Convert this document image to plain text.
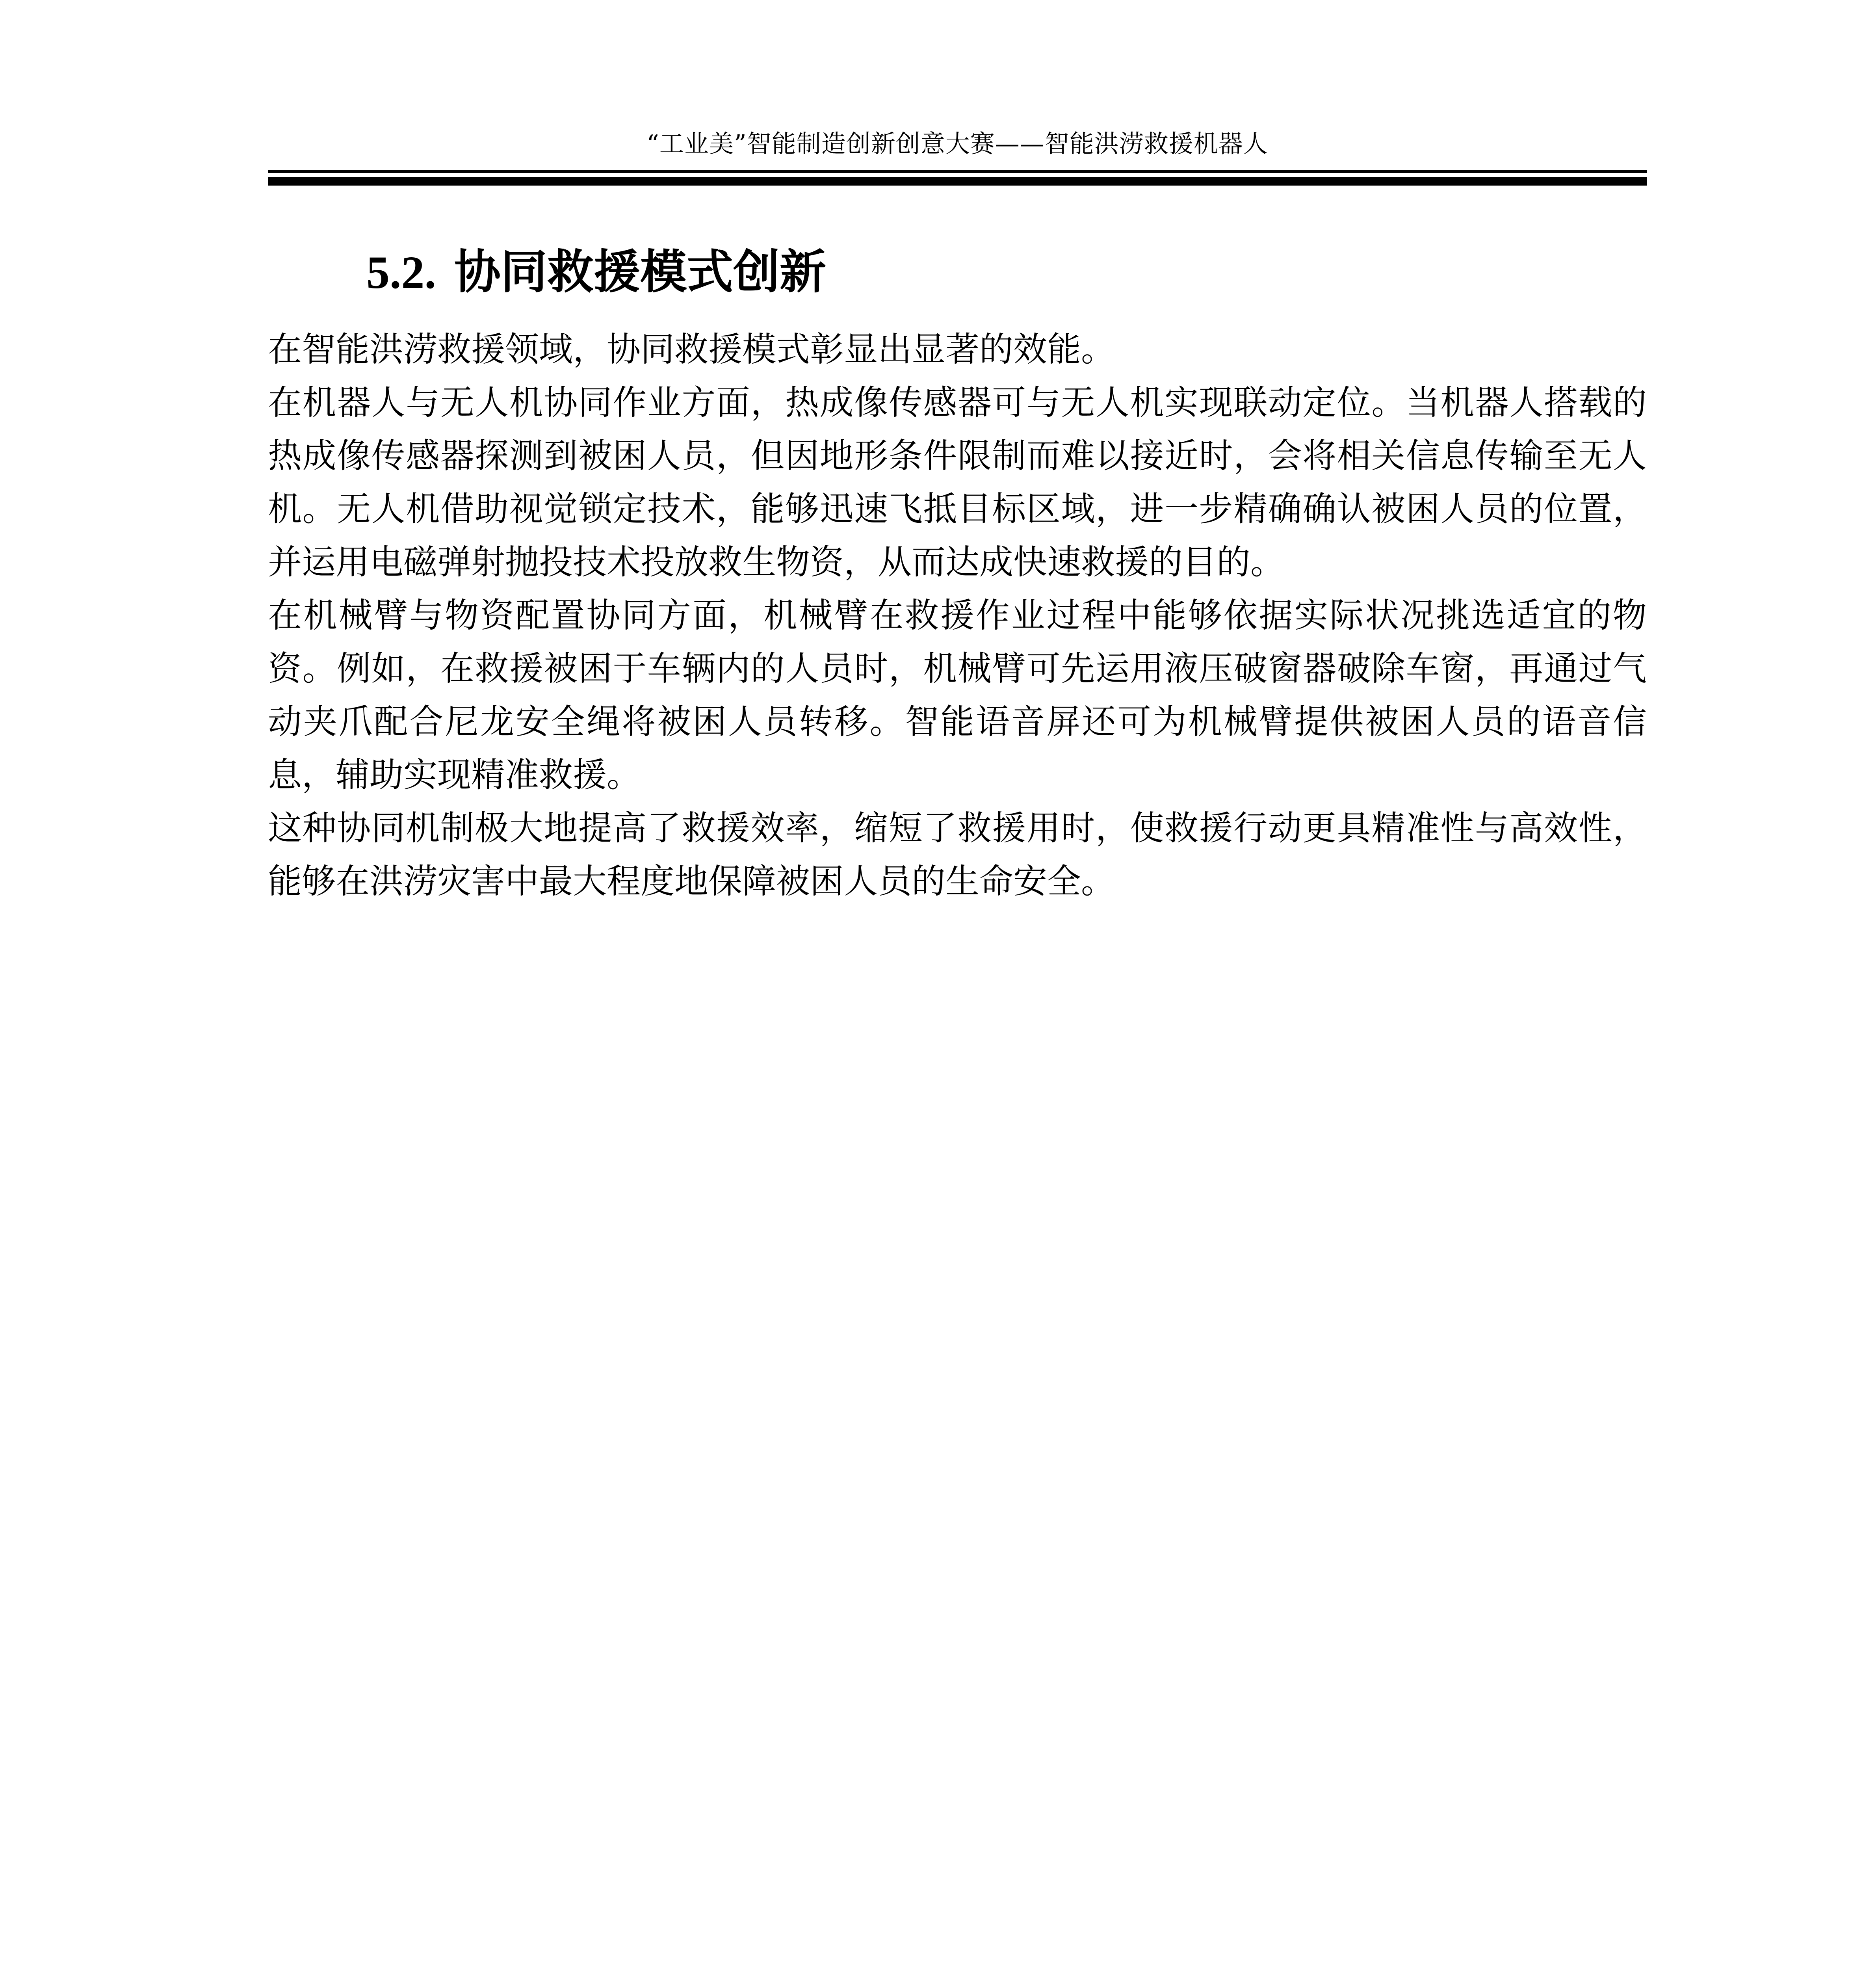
“工业美”智能制造创新创意大赛——智能洪涝救援机器人
5.2. 协同救援模式创新

在智能洪涝救援领域，协同救援模式彰显出显著的效能。

在机器人与无人机协同作业方面，热成像传感器可与无人机实现联动定位。当机器人搭载的热成像传感器探测到被困人员，但因地形条件限制而难以接近时，会将相关信息传输至无人机。无人机借助视觉锁定技术，能够迅速飞抵目标区域，进一步精确确认被困人员的位置，并运用电磁弹射抛投技术投放救生物资，从而达成快速救援的目的。

在机械臂与物资配置协同方面，机械臂在救援作业过程中能够依据实际状况挑选适宜的物资。例如，在救援被困于车辆内的人员时，机械臂可先运用液压破窗器破除车窗，再通过气动夹爪配合尼龙安全绳将被困人员转移。智能语音屏还可为机械臂提供被困人员的语音信息，辅助实现精准救援。

这种协同机制极大地提高了救援效率，缩短了救援用时，使救援行动更具精准性与高效性，能够在洪涝灾害中最大程度地保障被困人员的生命安全。
